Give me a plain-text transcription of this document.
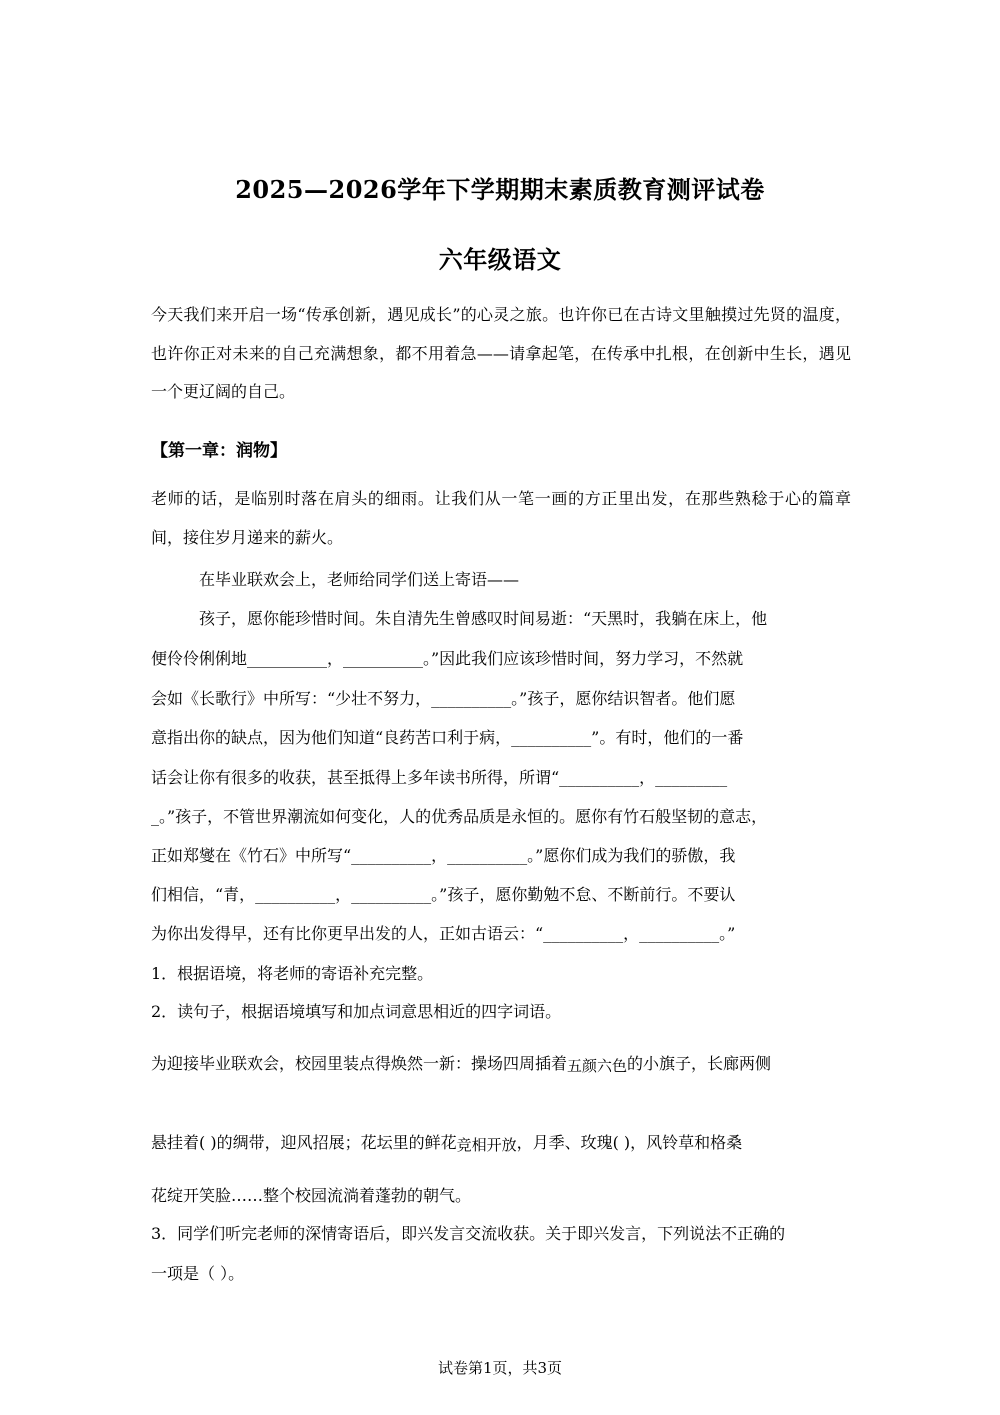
2025—2026学年下学期期末素质教育测评试卷
六年级语文
今天我们来开启一场“传承创新，遇见成长”的心灵之旅。也许你已在古诗文里触摸过先贤的温度，也许你正对未来的自己充满想象，都不用着急——请拿起笔，在传承中扎根，在创新中生长，遇见一个更辽阔的自己。
【第一章：润物】
老师的话，是临别时落在肩头的细雨。让我们从一笔一画的方正里出发，在那些熟稔于心的篇章间，接住岁月递来的薪火。
在毕业联欢会上，老师给同学们送上寄语——
孩子，愿你能珍惜时间。朱自清先生曾感叹时间易逝：“天黑时，我躺在床上，他
便伶伶俐俐地__________，__________。”因此我们应该珍惜时间，努力学习，不然就
会如《长歌行》中所写：“少壮不努力，__________。”孩子，愿你结识智者。他们愿
意指出你的缺点，因为他们知道“良药苦口利于病，__________”。有时，他们的一番
话会让你有很多的收获，甚至抵得上多年读书所得，所谓“__________，_________
_。”孩子，不管世界潮流如何变化，人的优秀品质是永恒的。愿你有竹石般坚韧的意志，
正如郑燮在《竹石》中所写“__________，__________。”愿你们成为我们的骄傲，我
们相信，“青，__________，__________。”孩子，愿你勤勉不怠、不断前行。不要认
为你出发得早，还有比你更早出发的人，正如古语云：“__________，__________。”
1．根据语境，将老师的寄语补充完整。
2．读句子，根据语境填写和加点词意思相近的四字词语。
为迎接毕业联欢会，校园里装点得焕然一新：操场四周插着五颜六色的小旗子，长廊两侧
悬挂着( )的绸带，迎风招展；花坛里的鲜花竞相开放，月季、玫瑰( )，风铃草和格桑
花绽开笑脸……整个校园流淌着蓬勃的朝气。
3．同学们听完老师的深情寄语后，即兴发言交流收获。关于即兴发言，下列说法不正确的
一项是（ ）。
试卷第1页，共3页
